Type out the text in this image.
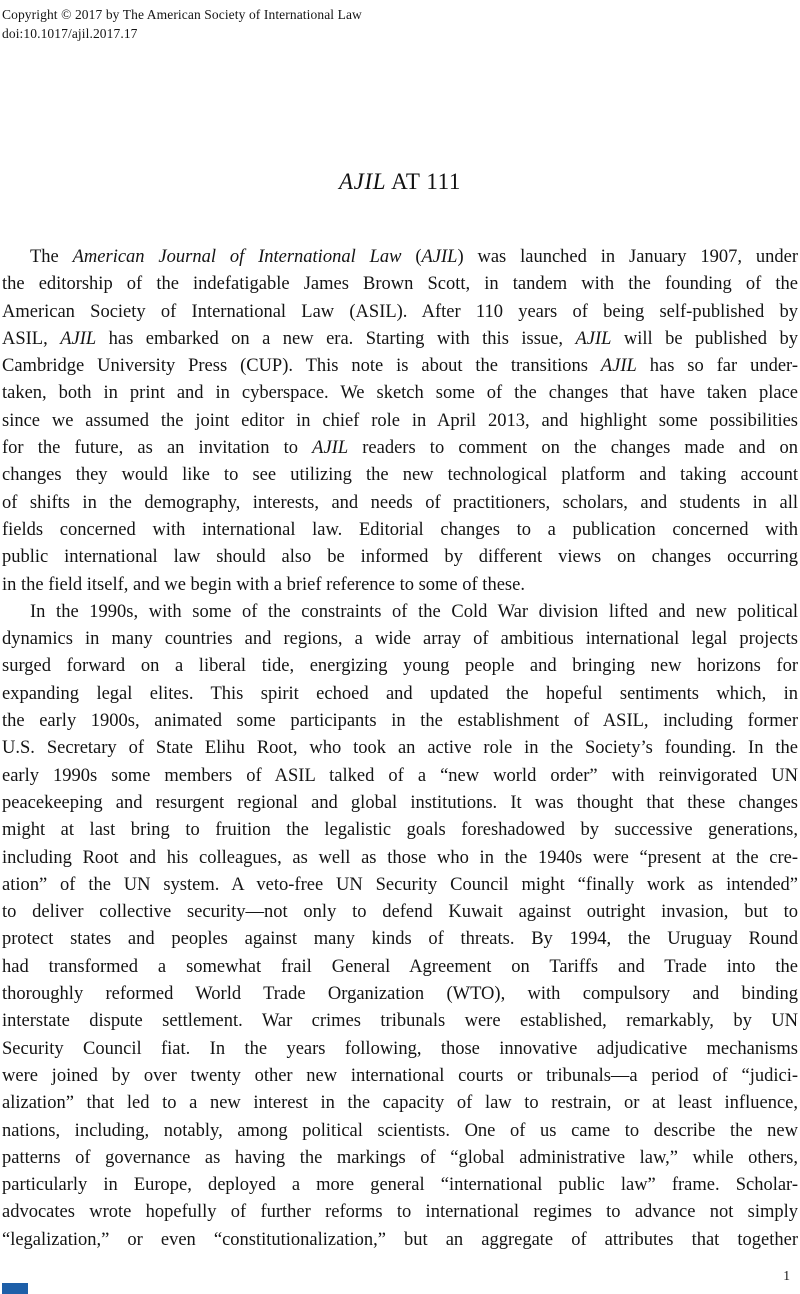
Copyright © 2017 by The American Society of International Law
doi:10.1017/ajil.2017.17
AJIL AT 111
The American Journal of International Law (AJIL) was launched in January 1907, under
the editorship of the indefatigable James Brown Scott, in tandem with the founding of the
American Society of International Law (ASIL). After 110 years of being self-published by
ASIL, AJIL has embarked on a new era. Starting with this issue, AJIL will be published by
Cambridge University Press (CUP). This note is about the transitions AJIL has so far under-
taken, both in print and in cyberspace. We sketch some of the changes that have taken place
since we assumed the joint editor in chief role in April 2013, and highlight some possibilities
for the future, as an invitation to AJIL readers to comment on the changes made and on
changes they would like to see utilizing the new technological platform and taking account
of shifts in the demography, interests, and needs of practitioners, scholars, and students in all
fields concerned with international law. Editorial changes to a publication concerned with
public international law should also be informed by different views on changes occurring
in the field itself, and we begin with a brief reference to some of these.
In the 1990s, with some of the constraints of the Cold War division lifted and new political
dynamics in many countries and regions, a wide array of ambitious international legal projects
surged forward on a liberal tide, energizing young people and bringing new horizons for
expanding legal elites. This spirit echoed and updated the hopeful sentiments which, in
the early 1900s, animated some participants in the establishment of ASIL, including former
U.S. Secretary of State Elihu Root, who took an active role in the Society’s founding. In the
early 1990s some members of ASIL talked of a “new world order” with reinvigorated UN
peacekeeping and resurgent regional and global institutions. It was thought that these changes
might at last bring to fruition the legalistic goals foreshadowed by successive generations,
including Root and his colleagues, as well as those who in the 1940s were “present at the cre-
ation” of the UN system. A veto-free UN Security Council might “finally work as intended”
to deliver collective security—not only to defend Kuwait against outright invasion, but to
protect states and peoples against many kinds of threats. By 1994, the Uruguay Round
had transformed a somewhat frail General Agreement on Tariffs and Trade into the
thoroughly reformed World Trade Organization (WTO), with compulsory and binding
interstate dispute settlement. War crimes tribunals were established, remarkably, by UN
Security Council fiat. In the years following, those innovative adjudicative mechanisms
were joined by over twenty other new international courts or tribunals—a period of “judici-
alization” that led to a new interest in the capacity of law to restrain, or at least influence,
nations, including, notably, among political scientists. One of us came to describe the new
patterns of governance as having the markings of “global administrative law,” while others,
particularly in Europe, deployed a more general “international public law” frame. Scholar-
advocates wrote hopefully of further reforms to international regimes to advance not simply
“legalization,” or even “constitutionalization,” but an aggregate of attributes that together
1
